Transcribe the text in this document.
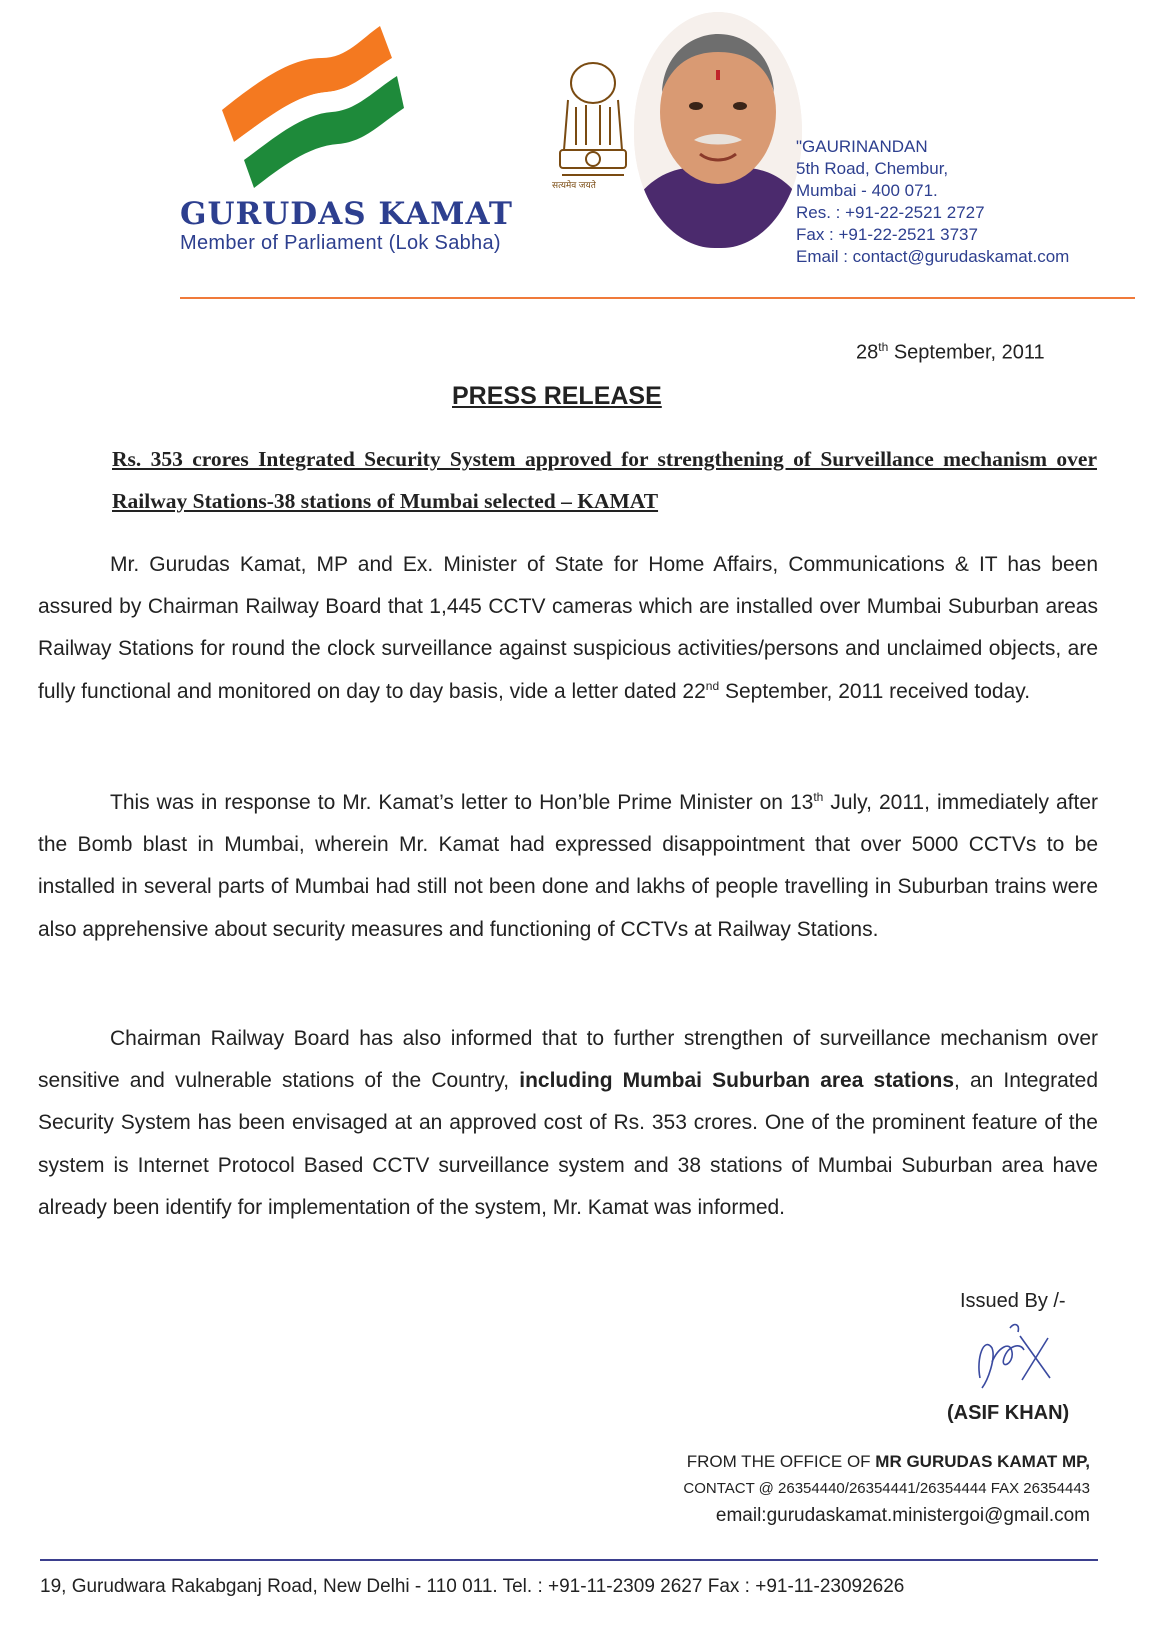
GURUDAS KAMAT

Member of Parliament (Lok Sabha)

सत्यमेव जयते

"GAURINANDAN

5th Road, Chembur,

Mumbai - 400 071.

Res. : +91-22-2521 2727

Fax : +91-22-2521 3737

Email : contact@gurudaskamat.com

28th September, 2011
PRESS RELEASE

Rs. 353 crores Integrated Security System approved for strengthening of Surveillance mechanism over Railway Stations-38 stations of Mumbai selected – KAMAT

Mr. Gurudas Kamat, MP and Ex. Minister of State for Home Affairs, Communications & IT has been assured by Chairman Railway Board that 1,445 CCTV cameras which are installed over Mumbai Suburban areas Railway Stations for round the clock surveillance against suspicious activities/persons and unclaimed objects, are fully functional and monitored on day to day basis, vide a letter dated 22nd September, 2011 received today.

This was in response to Mr. Kamat’s letter to Hon’ble Prime Minister on 13th July, 2011, immediately after the Bomb blast in Mumbai, wherein Mr. Kamat had expressed disappointment that over 5000 CCTVs to be installed in several parts of Mumbai had still not been done and lakhs of people travelling in Suburban trains were also apprehensive about security measures and functioning of CCTVs at Railway Stations.

Chairman Railway Board has also informed that to further strengthen of surveillance mechanism over sensitive and vulnerable stations of the Country, including Mumbai Suburban area stations, an Integrated Security System has been envisaged at an approved cost of Rs. 353 crores. One of the prominent feature of the system is Internet Protocol Based CCTV surveillance system and 38 stations of Mumbai Suburban area have already been identify for implementation of the system, Mr. Kamat was informed.

Issued By /-
(ASIF KHAN)
FROM THE OFFICE OF MR GURUDAS KAMAT MP,
CONTACT @ 26354440/26354441/26354444 FAX 26354443
email:gurudaskamat.ministergoi@gmail.com
19, Gurudwara Rakabganj Road, New Delhi - 110 011. Tel. : +91-11-2309 2627 Fax : +91-11-23092626
